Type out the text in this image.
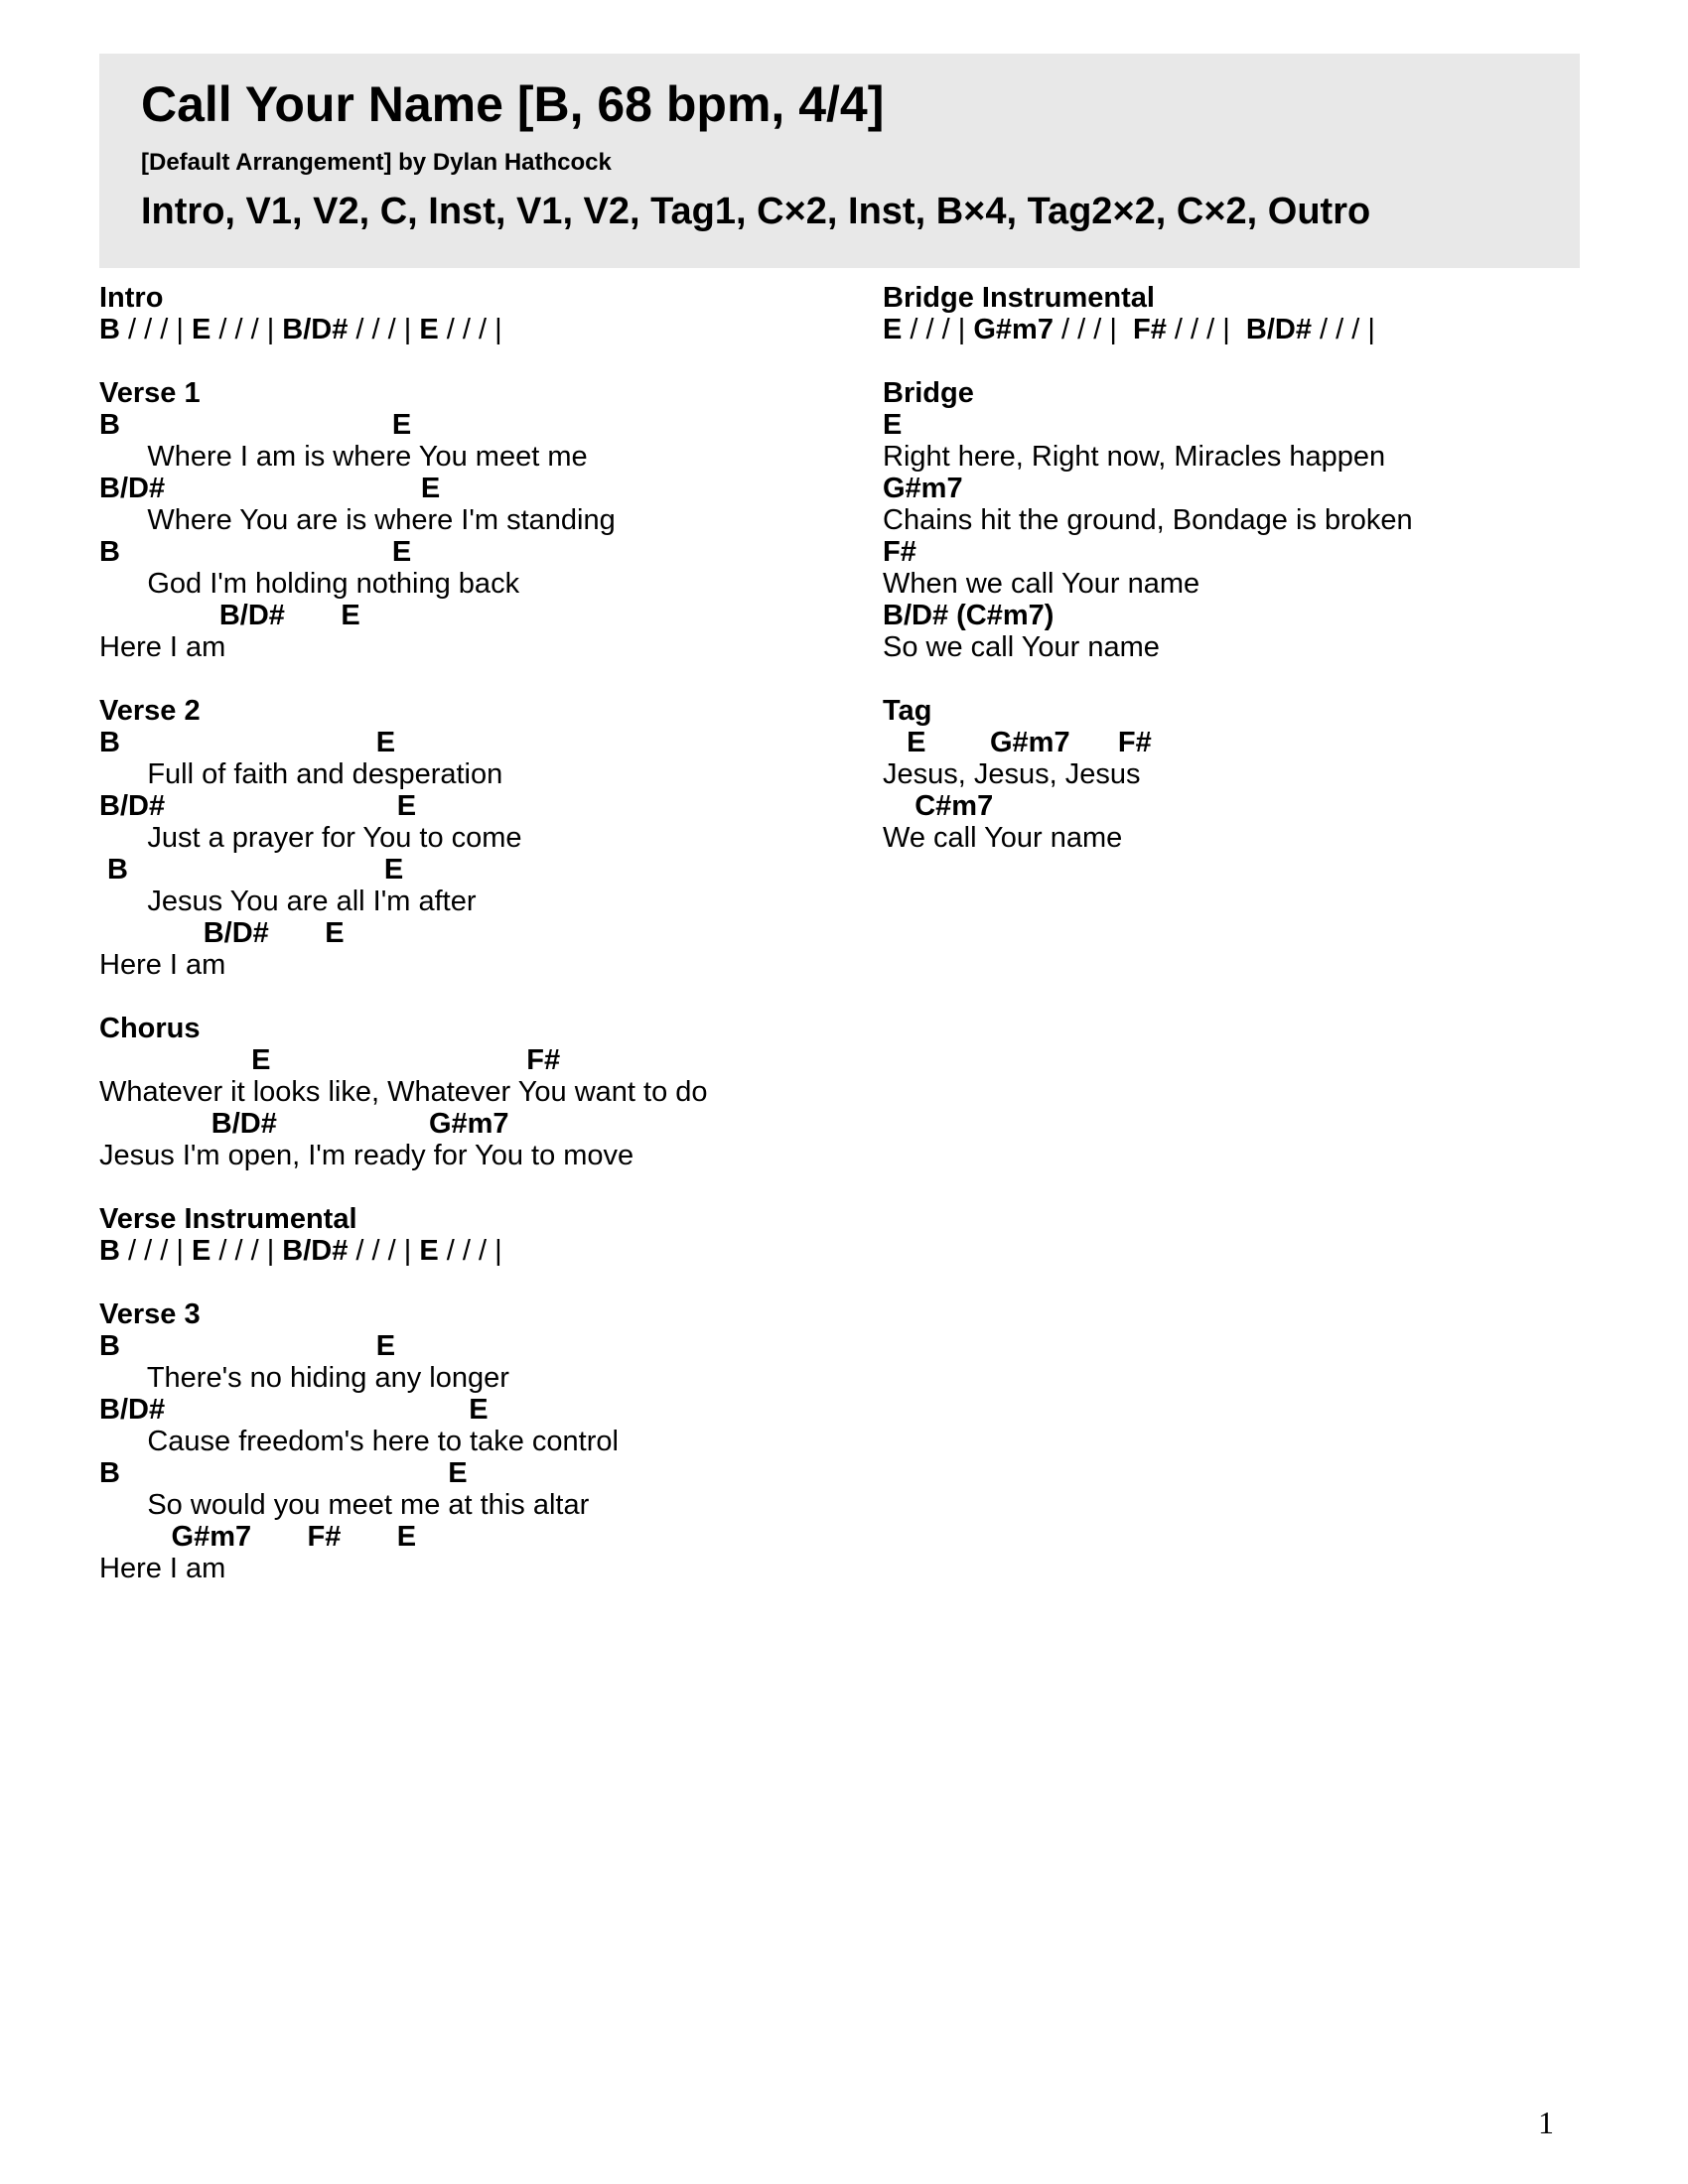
Call Your Name [B, 68 bpm, 4/4]
[Default Arrangement] by Dylan Hathcock
Intro, V1, V2, C, Inst, V1, V2, Tag1, C×2, Inst, B×4, Tag2×2, C×2, Outro
Intro
B / / / | E / / / | B/D# / / / | E / / / |
Verse 1
B                                  E
Where I am is where You meet me
B/D#                                E
Where You are is where I'm standing
B                                  E
God I'm holding nothing back
B/D#       E
Here I am
Verse 2
B                                E
Full of faith and desperation
B/D#                             E
Just a prayer for You to come
B                                E
Jesus You are all I'm after
B/D#       E
Here I am
Chorus
E                                F#
Whatever it looks like, Whatever You want to do
B/D#                   G#m7
Jesus I'm open, I'm ready for You to move
Verse Instrumental
B / / / | E / / / | B/D# / / / | E / / / |
Verse 3
B                                E
There's no hiding any longer
B/D#                                      E
Cause freedom's here to take control
B                                         E
So would you meet me at this altar
G#m7       F#       E
Here I am
Bridge Instrumental
E / / / | G#m7 / / / |  F# / / / |  B/D# / / / |
Bridge
E
Right here, Right now, Miracles happen
G#m7
Chains hit the ground, Bondage is broken
F#
When we call Your name
B/D# (C#m7)
So we call Your name
Tag
E        G#m7      F#
Jesus, Jesus, Jesus
C#m7
We call Your name
1
